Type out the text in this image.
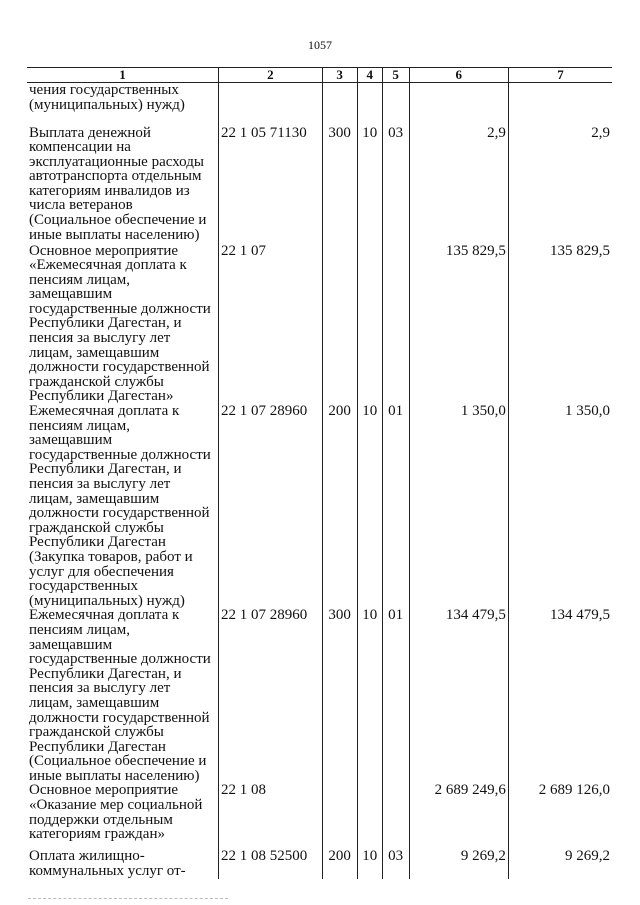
1057
1	2	3	4	5	6	7
чения государственных (муниципальных) нужд)						
Выплата денежной компенсации на эксплуатационные расходы автотранспорта отдельным категориям инвалидов из числа ветеранов (Социальное обеспечение и иные выплаты населению)	22 1 05 71130	300	10	03	2,9	2,9
Основное мероприятие «Ежемесячная доплата к пенсиям лицам, замещавшим государственные должности Республики Дагестан, и пенсия за выслугу лет лицам, замещавшим должности государственной гражданской службы Республики Дагестан»	22 1 07				135 829,5	135 829,5
Ежемесячная доплата к пенсиям лицам, замещавшим государственные должности Республики Дагестан, и пенсия за выслугу лет лицам, замещавшим должности государственной гражданской службы Республики Дагестан (Закупка товаров, работ и услуг для обеспечения государственных (муниципальных) нужд)	22 1 07 28960	200	10	01	1 350,0	1 350,0
Ежемесячная доплата к пенсиям лицам, замещавшим государственные должности Республики Дагестан, и пенсия за выслугу лет лицам, замещавшим должности государственной гражданской службы Республики Дагестан (Социальное обеспечение и иные выплаты населению)	22 1 07 28960	300	10	01	134 479,5	134 479,5
Основное мероприятие «Оказание мер социальной поддержки отдельным категориям граждан»	22 1 08				2 689 249,6	2 689 126,0
Оплата жилищно-коммунальных услуг от-	22 1 08 52500	200	10	03	9 269,2	9 269,2
